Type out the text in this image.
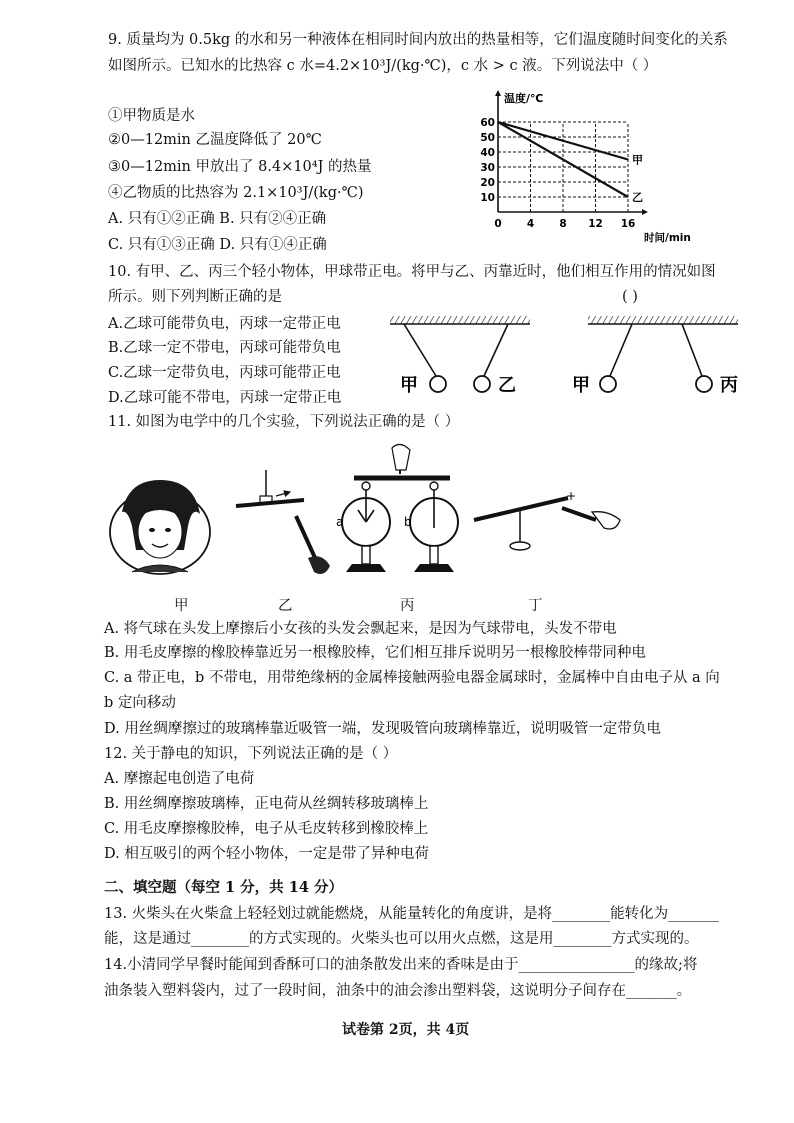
9. 质量均为 0.5kg 的水和另一种液体在相同时间内放出的热量相等，它们温度随时间变化的关系
如图所示。已知水的比热容 c 水=4.2×10³J/(kg·℃)，c 水 > c 液。下列说法中（ ）
①甲物质是水
②0—12min 乙温度降低了 20℃
③0—12min 甲放出了 8.4×10⁴J 的热量
④乙物质的比热容为 2.1×10³J/(kg·℃)
A. 只有①②正确 B. 只有②④正确
C. 只有①③正确 D. 只有①④正确
0 4 8 12 16
10
20
30
40
50
60
甲
乙
温度/℃
时间/min
10. 有甲、乙、丙三个轻小物体，甲球带正电。将甲与乙、丙靠近时，他们相互作用的情况如图
所示。则下列判断正确的是	( )
A.乙球可能带负电，丙球一定带正电
B.乙球一定不带电，丙球可能带负电
C.乙球一定带负电，丙球可能带正电
D.乙球可能不带电，丙球一定带正电
甲	乙	甲	丙
11. 如图为电学中的几个实验，下列说法正确的是（ ）
a	b
+
甲	乙	丙	丁
A. 将气球在头发上摩擦后小女孩的头发会飘起来，是因为气球带电，头发不带电
B. 用毛皮摩擦的橡胶棒靠近另一根橡胶棒，它们相互排斥说明另一根橡胶棒带同种电
C. a 带正电，b 不带电，用带绝缘柄的金属棒接触两验电器金属球时，金属棒中自由电子从 a 向
b 定向移动
D. 用丝绸摩擦过的玻璃棒靠近吸管一端，发现吸管向玻璃棒靠近，说明吸管一定带负电
12. 关于静电的知识，下列说法正确的是（ ）
A. 摩擦起电创造了电荷
B. 用丝绸摩擦玻璃棒，正电荷从丝绸转移玻璃棒上
C. 用毛皮摩擦橡胶棒，电子从毛皮转移到橡胶棒上
D. 相互吸引的两个轻小物体，一定是带了异种电荷
二、填空题（每空 1 分，共 14 分）
13. 火柴头在火柴盒上轻轻划过就能燃烧，从能量转化的角度讲，是将________能转化为_______
能，这是通过________的方式实现的。火柴头也可以用火点燃，这是用________方式实现的。
14.小清同学早餐时能闻到香酥可口的油条散发出来的香味是由于________________的缘故;将
油条装入塑料袋内，过了一段时间，油条中的油会渗出塑料袋，这说明分子间存在_______。
试卷第 2页，共 4页
